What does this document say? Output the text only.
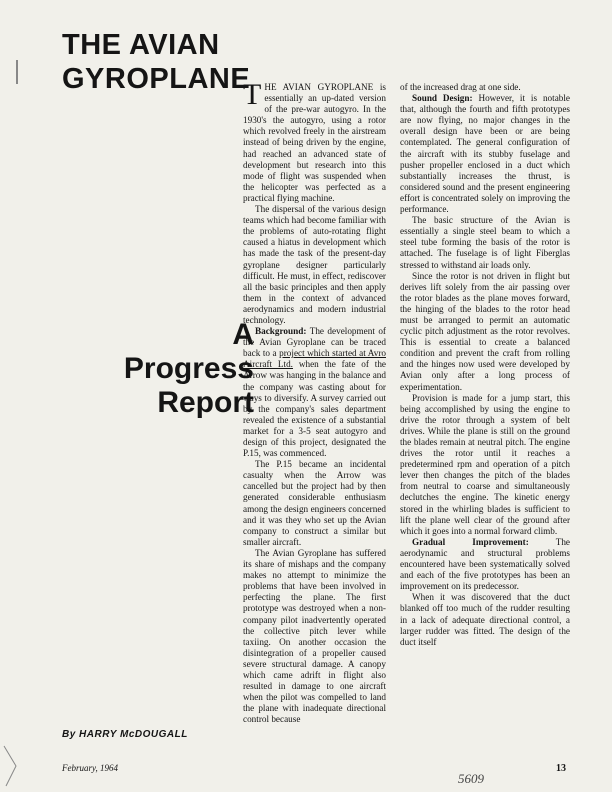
THE AVIAN
GYROPLANE
A
Progress
Report
By HARRY McDOUGALL

THE AVIAN GYROPLANE is essentially an up-dated version of the pre-war autogyro. In the 1930's the autogyro, using a rotor which revolved freely in the airstream instead of being driven by the engine, had reached an advanced state of development but research into this mode of flight was suspended when the helicopter was perfected as a practical flying machine.

The dispersal of the various design teams which had become familiar with the problems of auto-rotating flight caused a hiatus in development which has made the task of the present-day gyroplane designer particularly difficult. He must, in effect, rediscover all the basic principles and then apply them in the context of advanced aerodynamics and modern industrial technology.

Background: The development of the Avian Gyroplane can be traced back to a project which started at Avro Aircraft Ltd. when the fate of the Arrow was hanging in the balance and the company was casting about for ways to diversify. A survey carried out by the company's sales department revealed the existence of a substantial market for a 3-5 seat autogyro and design of this project, designated the P.15, was commenced.

The P.15 became an incidental casualty when the Arrow was cancelled but the project had by then generated considerable enthusiasm among the design engineers concerned and it was they who set up the Avian company to construct a similar but smaller aircraft.

The Avian Gyroplane has suffered its share of mishaps and the company makes no attempt to minimize the problems that have been involved in perfecting the plane. The first prototype was destroyed when a non-company pilot inadvertently operated the collective pitch lever while taxiing. On another occasion the disintegration of a propeller caused severe structural damage. A canopy which came adrift in flight also resulted in damage to one aircraft when the pilot was compelled to land the plane with inadequate directional control because

of the increased drag at one side.

Sound Design: However, it is notable that, although the fourth and fifth prototypes are now flying, no major changes in the overall design have been or are being contemplated. The general configuration of the aircraft with its stubby fuselage and pusher propeller enclosed in a duct which substantially increases the thrust, is considered sound and the present engineering effort is concentrated solely on improving the performance.

The basic structure of the Avian is essentially a single steel beam to which a steel tube forming the basis of the rotor is attached. The fuselage is of light Fiberglas stressed to withstand air loads only.

Since the rotor is not driven in flight but derives lift solely from the air passing over the rotor blades as the plane moves forward, the hinging of the blades to the rotor head must be arranged to permit an automatic cyclic pitch adjustment as the rotor revolves. This is essential to create a balanced condition and prevent the craft from rolling and the hinges now used were developed by Avian only after a long process of experimentation.

Provision is made for a jump start, this being accomplished by using the engine to drive the rotor through a system of belt drives. While the plane is still on the ground the blades remain at neutral pitch. The engine drives the rotor until it reaches a predetermined rpm and operation of a pitch lever then changes the pitch of the blades from neutral to coarse and simultaneously declutches the engine. The kinetic energy stored in the whirling blades is sufficient to lift the plane well clear of the ground after which it goes into a normal forward climb.

Gradual Improvement:	The aerodynamic and structural problems encountered have been systematically solved and each of the five prototypes has been an improvement on its predecessor.

When it was discovered that the duct blanked off too much of the rudder resulting in a lack of adequate directional control, a larger rudder was fitted. The design of the duct itself

February, 1964	13
5609
